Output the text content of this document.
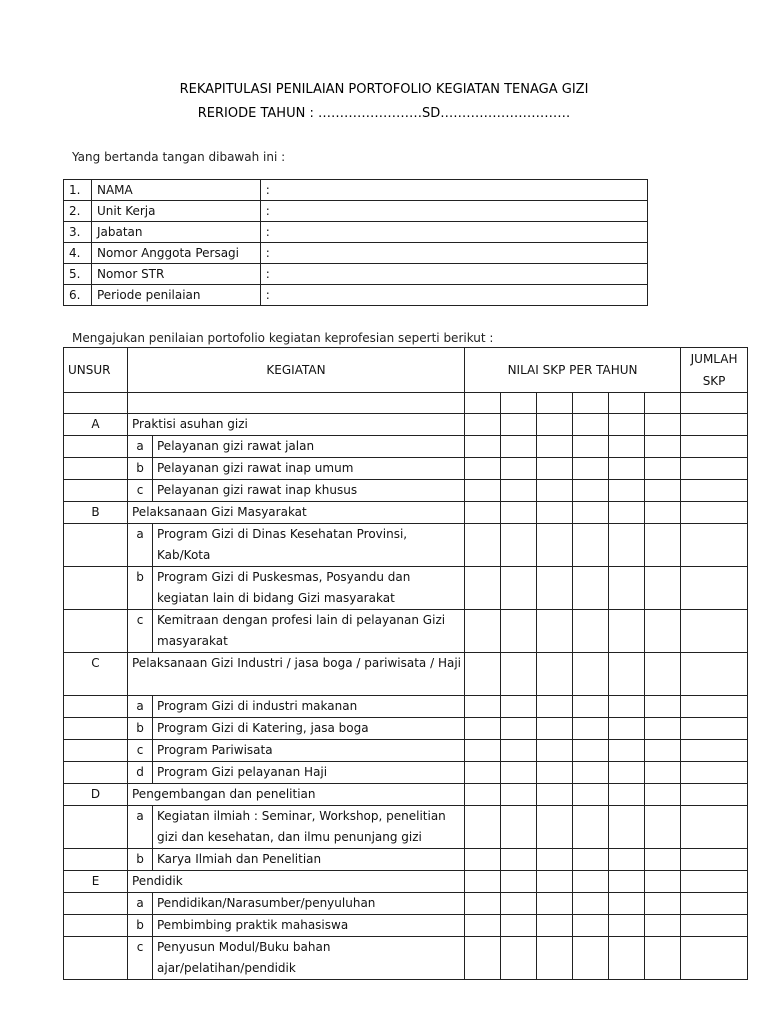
REKAPITULASI PENILAIAN PORTOFOLIO KEGIATAN TENAGA GIZI
RERIODE TAHUN : ……………………SD…………………………
Yang bertanda tangan dibawah ini :
1.	NAMA	:
2.	Unit Kerja	:
3.	Jabatan	:
4.	Nomor Anggota Persagi	:
5.	Nomor STR	:
6.	Periode penilaian	:
Mengajukan penilaian portofolio kegiatan keprofesian seperti berikut :
UNSUR	KEGIATAN		NILAI SKP PER TAHUN						JUMLAH
SKP

A	Praktisi asuhan gizi								
	a	Pelayanan gizi rawat jalan							
	b	Pelayanan gizi rawat inap umum							
	c	Pelayanan gizi rawat inap khusus							
B	Pelaksanaan Gizi Masyarakat								
	a	Program Gizi di Dinas Kesehatan Provinsi, Kab/Kota							
	b	Program Gizi di Puskesmas, Posyandu dan kegiatan lain di bidang Gizi masyarakat							
	c	Kemitraan dengan profesi lain di pelayanan Gizi masyarakat							
C	Pelaksanaan Gizi Industri / jasa boga / pariwisata / Haji								
	a	Program Gizi di industri makanan							
	b	Program Gizi di Katering, jasa boga							
	c	Program Pariwisata							
	d	Program Gizi pelayanan Haji							
D	Pengembangan dan penelitian								
	a	Kegiatan ilmiah : Seminar, Workshop, penelitian gizi dan kesehatan, dan ilmu penunjang gizi							
	b	Karya Ilmiah dan Penelitian							
E	Pendidik								
	a	Pendidikan/Narasumber/penyuluhan							
	b	Pembimbing praktik mahasiswa							
	c	Penyusun Modul/Buku bahan ajar/pelatihan/pendidik							
